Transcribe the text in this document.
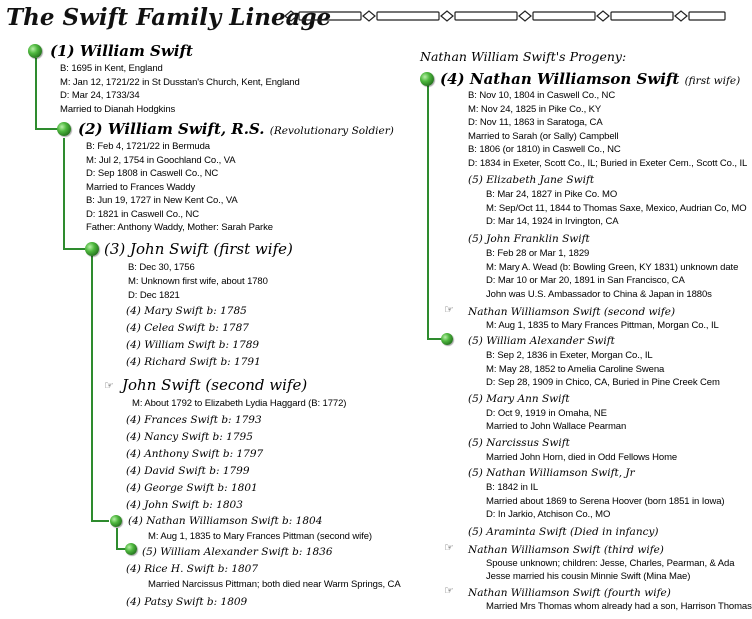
The Swift Family Lineage
(1) William Swift
B: 1695 in Kent, England
M: Jan 12, 1721/22 in St Dusstan's Church, Kent, England
D: Mar 24, 1733/34
Married to Dianah Hodgkins
(2) William Swift, R.S. (Revolutionary Soldier)
B: Feb 4, 1721/22 in Bermuda
M: Jul 2, 1754 in Goochland Co., VA
D: Sep 1808 in Caswell Co., NC
Married to Frances Waddy
B: Jun 19, 1727 in New Kent Co., VA
D: 1821 in Caswell Co., NC
Father: Anthony Waddy, Mother: Sarah Parke
(3) John Swift (first wife)
B: Dec 30, 1756
M: Unknown first wife, about 1780
D: Dec 1821
(4) Mary Swift b: 1785
(4) Celea Swift b: 1787
(4) William Swift b: 1789
(4) Richard Swift b: 1791
☞ John Swift (second wife)
M: About 1792 to Elizabeth Lydia Haggard (B: 1772)
(4) Frances Swift b: 1793
(4) Nancy Swift b: 1795
(4) Anthony Swift b: 1797
(4) David Swift b: 1799
(4) George Swift b: 1801
(4) John Swift b: 1803
(4) Nathan Williamson Swift b: 1804
M: Aug 1, 1835 to Mary Frances Pittman (second wife)
(5) William Alexander Swift b: 1836
(4) Rice H. Swift b: 1807
Married Narcissus Pittman; both died near Warm Springs, CA
(4) Patsy Swift b: 1809
Nathan William Swift's Progeny:
(4) Nathan Williamson Swift (first wife)
B: Nov 10, 1804 in Caswell Co., NC
M: Nov 24, 1825 in Pike Co., KY
D: Nov 11, 1863 in Saratoga, CA
Married to Sarah (or Sally) Campbell
B: 1806 (or 1810) in Caswell Co., NC
D: 1834 in Exeter, Scott Co., IL; Buried in Exeter Cem., Scott Co., IL
(5) Elizabeth Jane Swift
B: Mar 24, 1827 in Pike Co. MO
M: Sep/Oct 11, 1844 to Thomas Saxe, Mexico, Audrian Co, MO
D: Mar 14, 1924 in Irvington, CA
(5) John Franklin Swift
B: Feb 28 or Mar 1, 1829
M: Mary A. Wead (b: Bowling Green, KY 1831) unknown date
D: Mar 10 or Mar 20, 1891 in San Francisco, CA
John was U.S. Ambassador to China & Japan in 1880s
☞ Nathan Williamson Swift (second wife)
M: Aug 1, 1835 to Mary Frances Pittman, Morgan Co., IL
(5) William Alexander Swift
B: Sep 2, 1836 in Exeter, Morgan Co., IL
M: May 28, 1852 to Amelia Caroline Swena
D: Sep 28, 1909 in Chico, CA, Buried in Pine Creek Cem
(5) Mary Ann Swift
D: Oct 9, 1919 in Omaha, NE
Married to John Wallace Pearman
(5) Narcissus Swift
Married John Horn, died in Odd Fellows Home
(5) Nathan Williamson Swift, Jr
B: 1842 in IL
Married about 1869 to Serena Hoover (born 1851 in Iowa)
D: In Jarkio, Atchison Co., MO
(5) Araminta Swift (Died in infancy)
☞ Nathan Williamson Swift (third wife)
Spouse unknown; children: Jesse, Charles, Pearman, & Ada
Jesse married his cousin Minnie Swift (Mina Mae)
☞ Nathan Williamson Swift (fourth wife)
Married Mrs Thomas whom already had a son, Harrison Thomas
